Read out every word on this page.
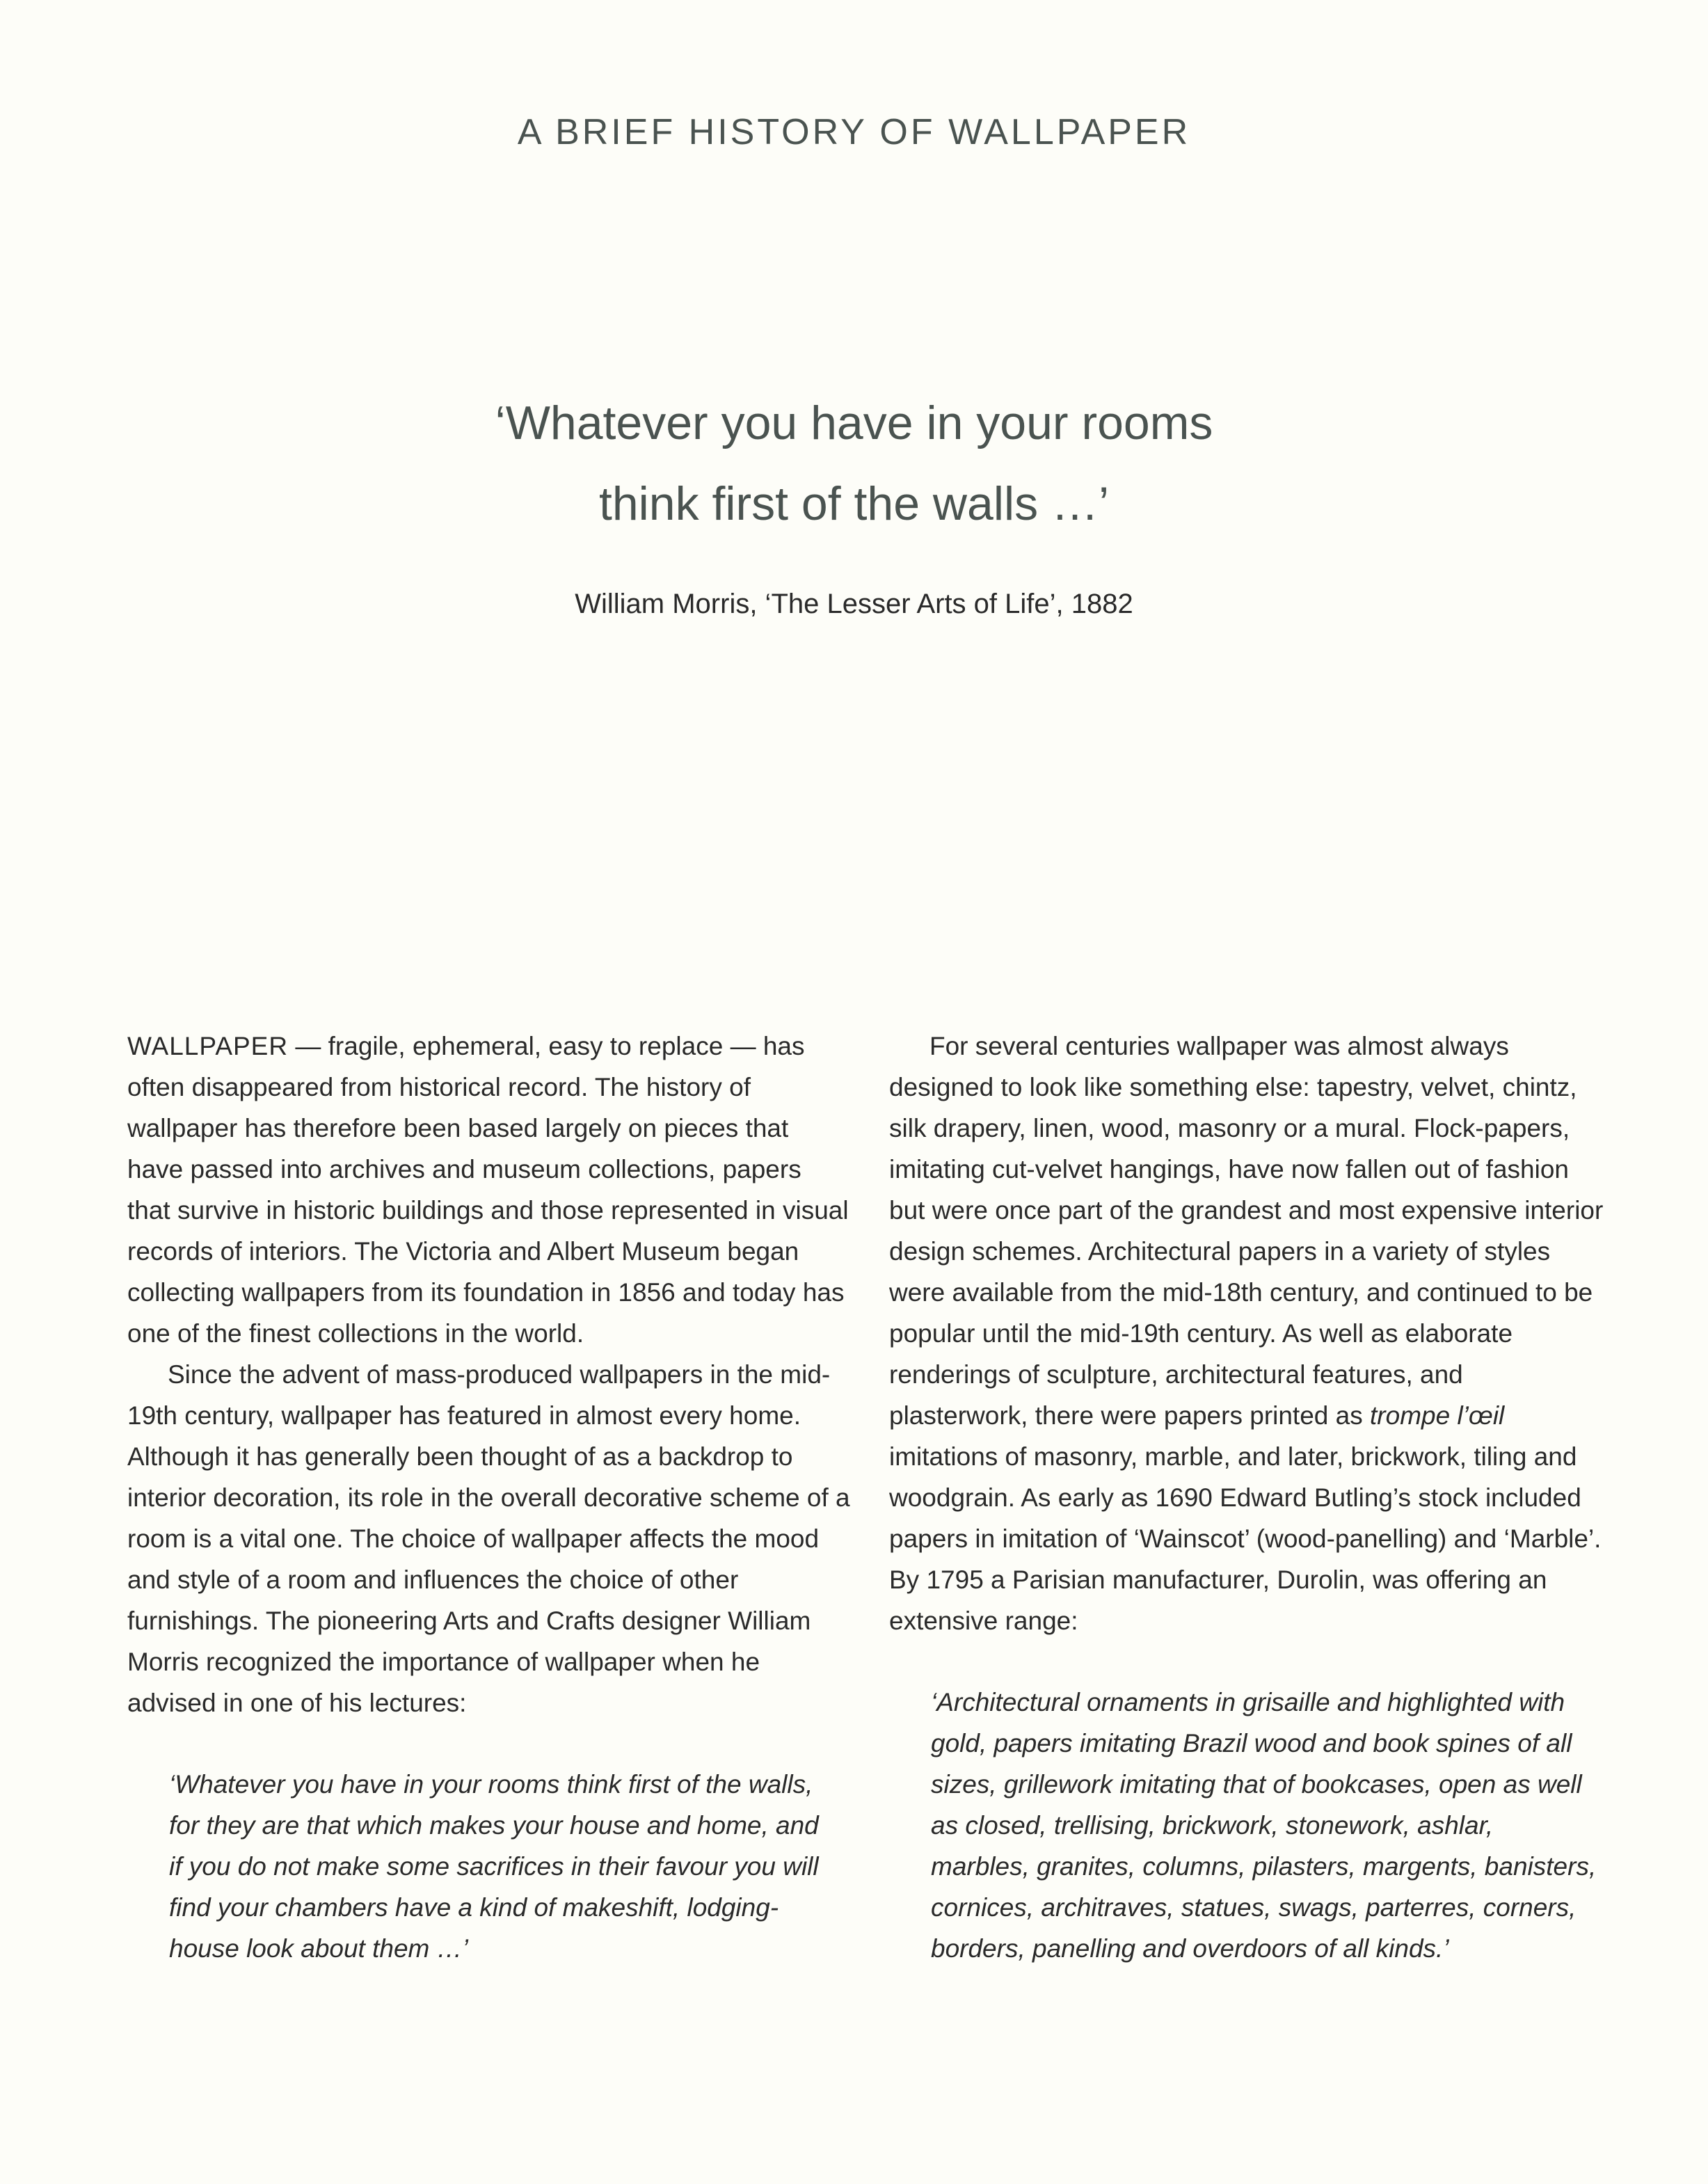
A BRIEF HISTORY OF WALLPAPER
‘Whatever you have in your rooms
think first of the walls …’
William Morris, ‘The Lesser Arts of Life’, 1882

WALLPAPER — fragile, ephemeral, easy to replace — has often disappeared from historical record. The history of wallpaper has therefore been based largely on pieces that have passed into archives and museum collections, papers that survive in historic buildings and those represented in visual records of interiors. The Victoria and Albert Museum began collecting wallpapers from its foundation in 1856 and today has one of the finest collections in the world.

Since the advent of mass-produced wallpapers in the mid-19th century, wallpaper has featured in almost every home. Although it has generally been thought of as a backdrop to interior decoration, its role in the overall decorative scheme of a room is a vital one. The choice of wallpaper affects the mood and style of a room and influences the choice of other furnishings. The pioneering Arts and Crafts designer William Morris recognized the importance of wallpaper when he advised in one of his lectures:

‘Whatever you have in your rooms think first of the walls, for they are that which makes your house and home, and if you do not make some sacrifices in their favour you will find your chambers have a kind of makeshift, lodging-house look about them …’

For several centuries wallpaper was almost always designed to look like something else: tapestry, velvet, chintz, silk drapery, linen, wood, masonry or a mural. Flock-papers, imitating cut-velvet hangings, have now fallen out of fashion but were once part of the grandest and most expensive interior design schemes. Architectural papers in a variety of styles were available from the mid-18th century, and continued to be popular until the mid-19th century. As well as elaborate renderings of sculpture, architectural features, and plasterwork, there were papers printed as trompe l’œil imitations of masonry, marble, and later, brickwork, tiling and woodgrain. As early as 1690 Edward Butling’s stock included papers in imitation of ‘Wainscot’ (wood-panelling) and ‘Marble’. By 1795 a Parisian manufacturer, Durolin, was offering an extensive range:

‘Architectural ornaments in grisaille and highlighted with gold, papers imitating Brazil wood and book spines of all sizes, grillework imitating that of bookcases, open as well as closed, trellising, brickwork, stonework, ashlar, marbles, granites, columns, pilasters, margents, banisters, cornices, architraves, statues, swags, parterres, corners, borders, panelling and overdoors of all kinds.’
